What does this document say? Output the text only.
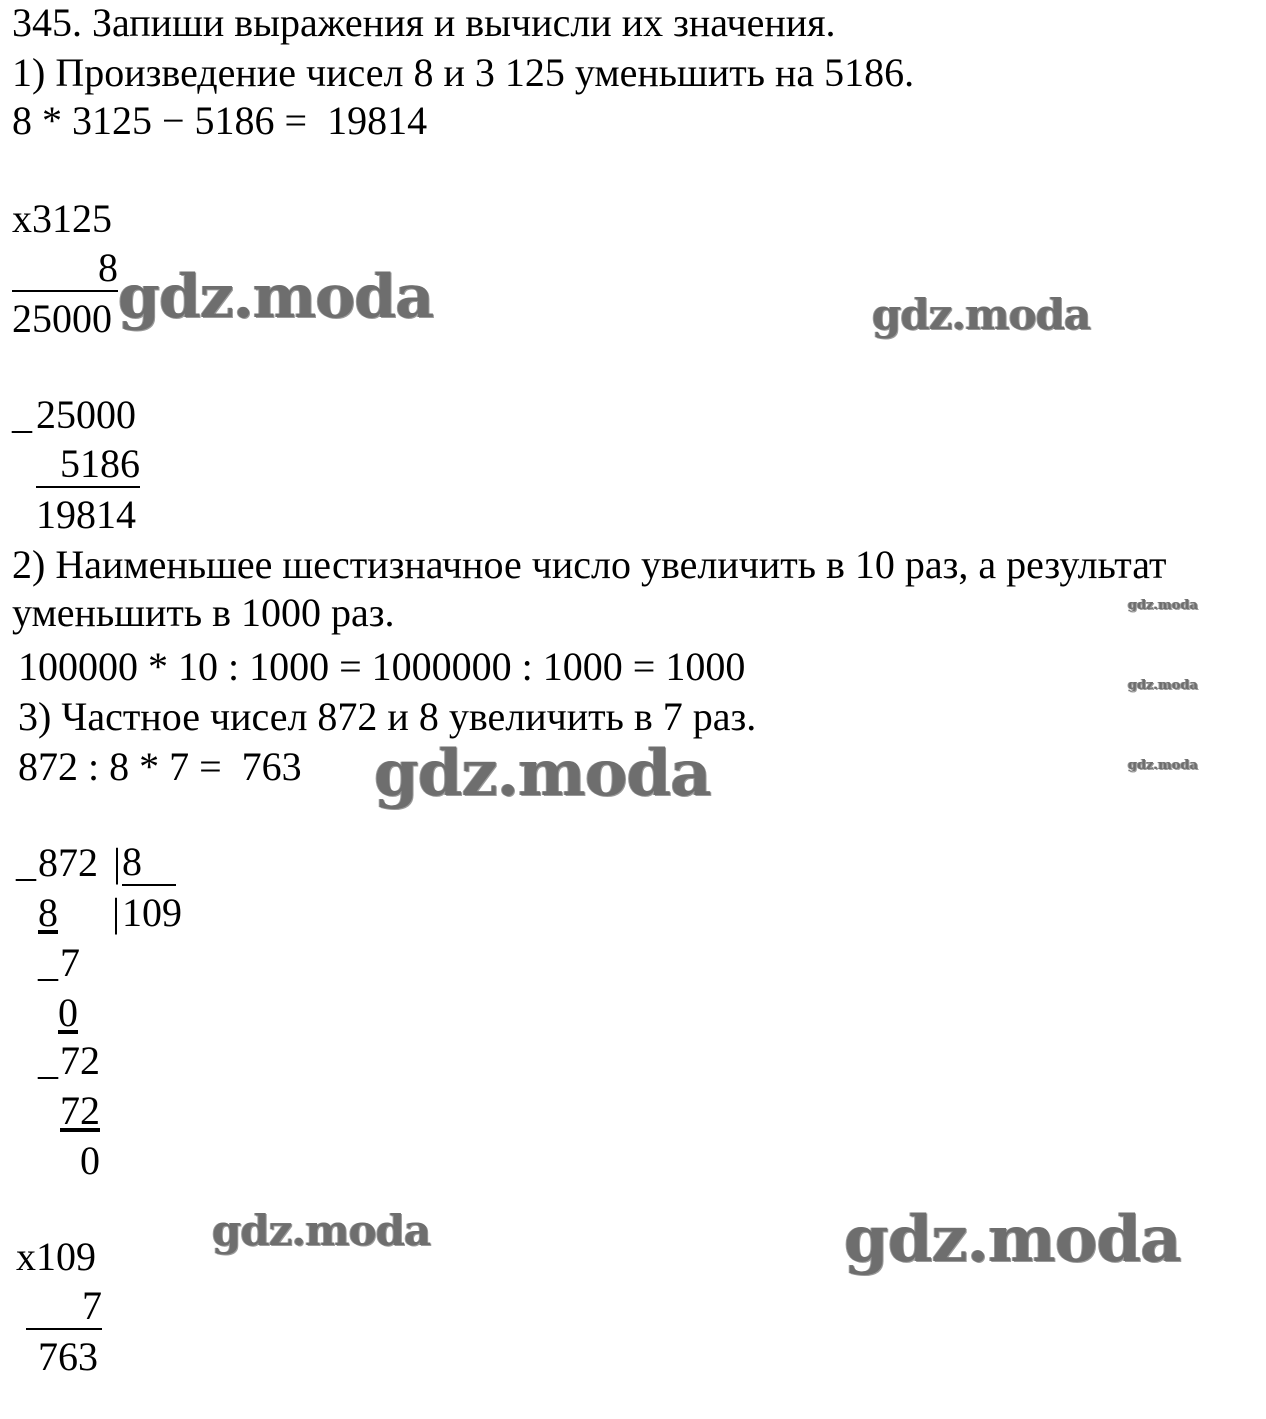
345. Запиши выражения и вычисли их значения.
1) Произведение чисел 8 и 3 125 уменьшить на 5186.
8 * 3125 − 5186 =  19814
x3125
8
25000
_ 25000
5186
19814
2) Наименьшее шестизначное число увеличить в 10 раз, а результат
уменьшить в 1000 раз.
100000 * 10 : 1000 = 1000000 : 1000 = 1000
3) Частное чисел 872 и 8 увеличить в 7 раз.
872 : 8 * 7 =  763
_ 872 | 8
8 | 109
_ 7
0
_ 72
72
0
x109
7
763
gdz.moda	gdz.moda
gdz.moda
gdz.moda
gdz.moda
gdz.moda
gdz.moda	gdz.moda
